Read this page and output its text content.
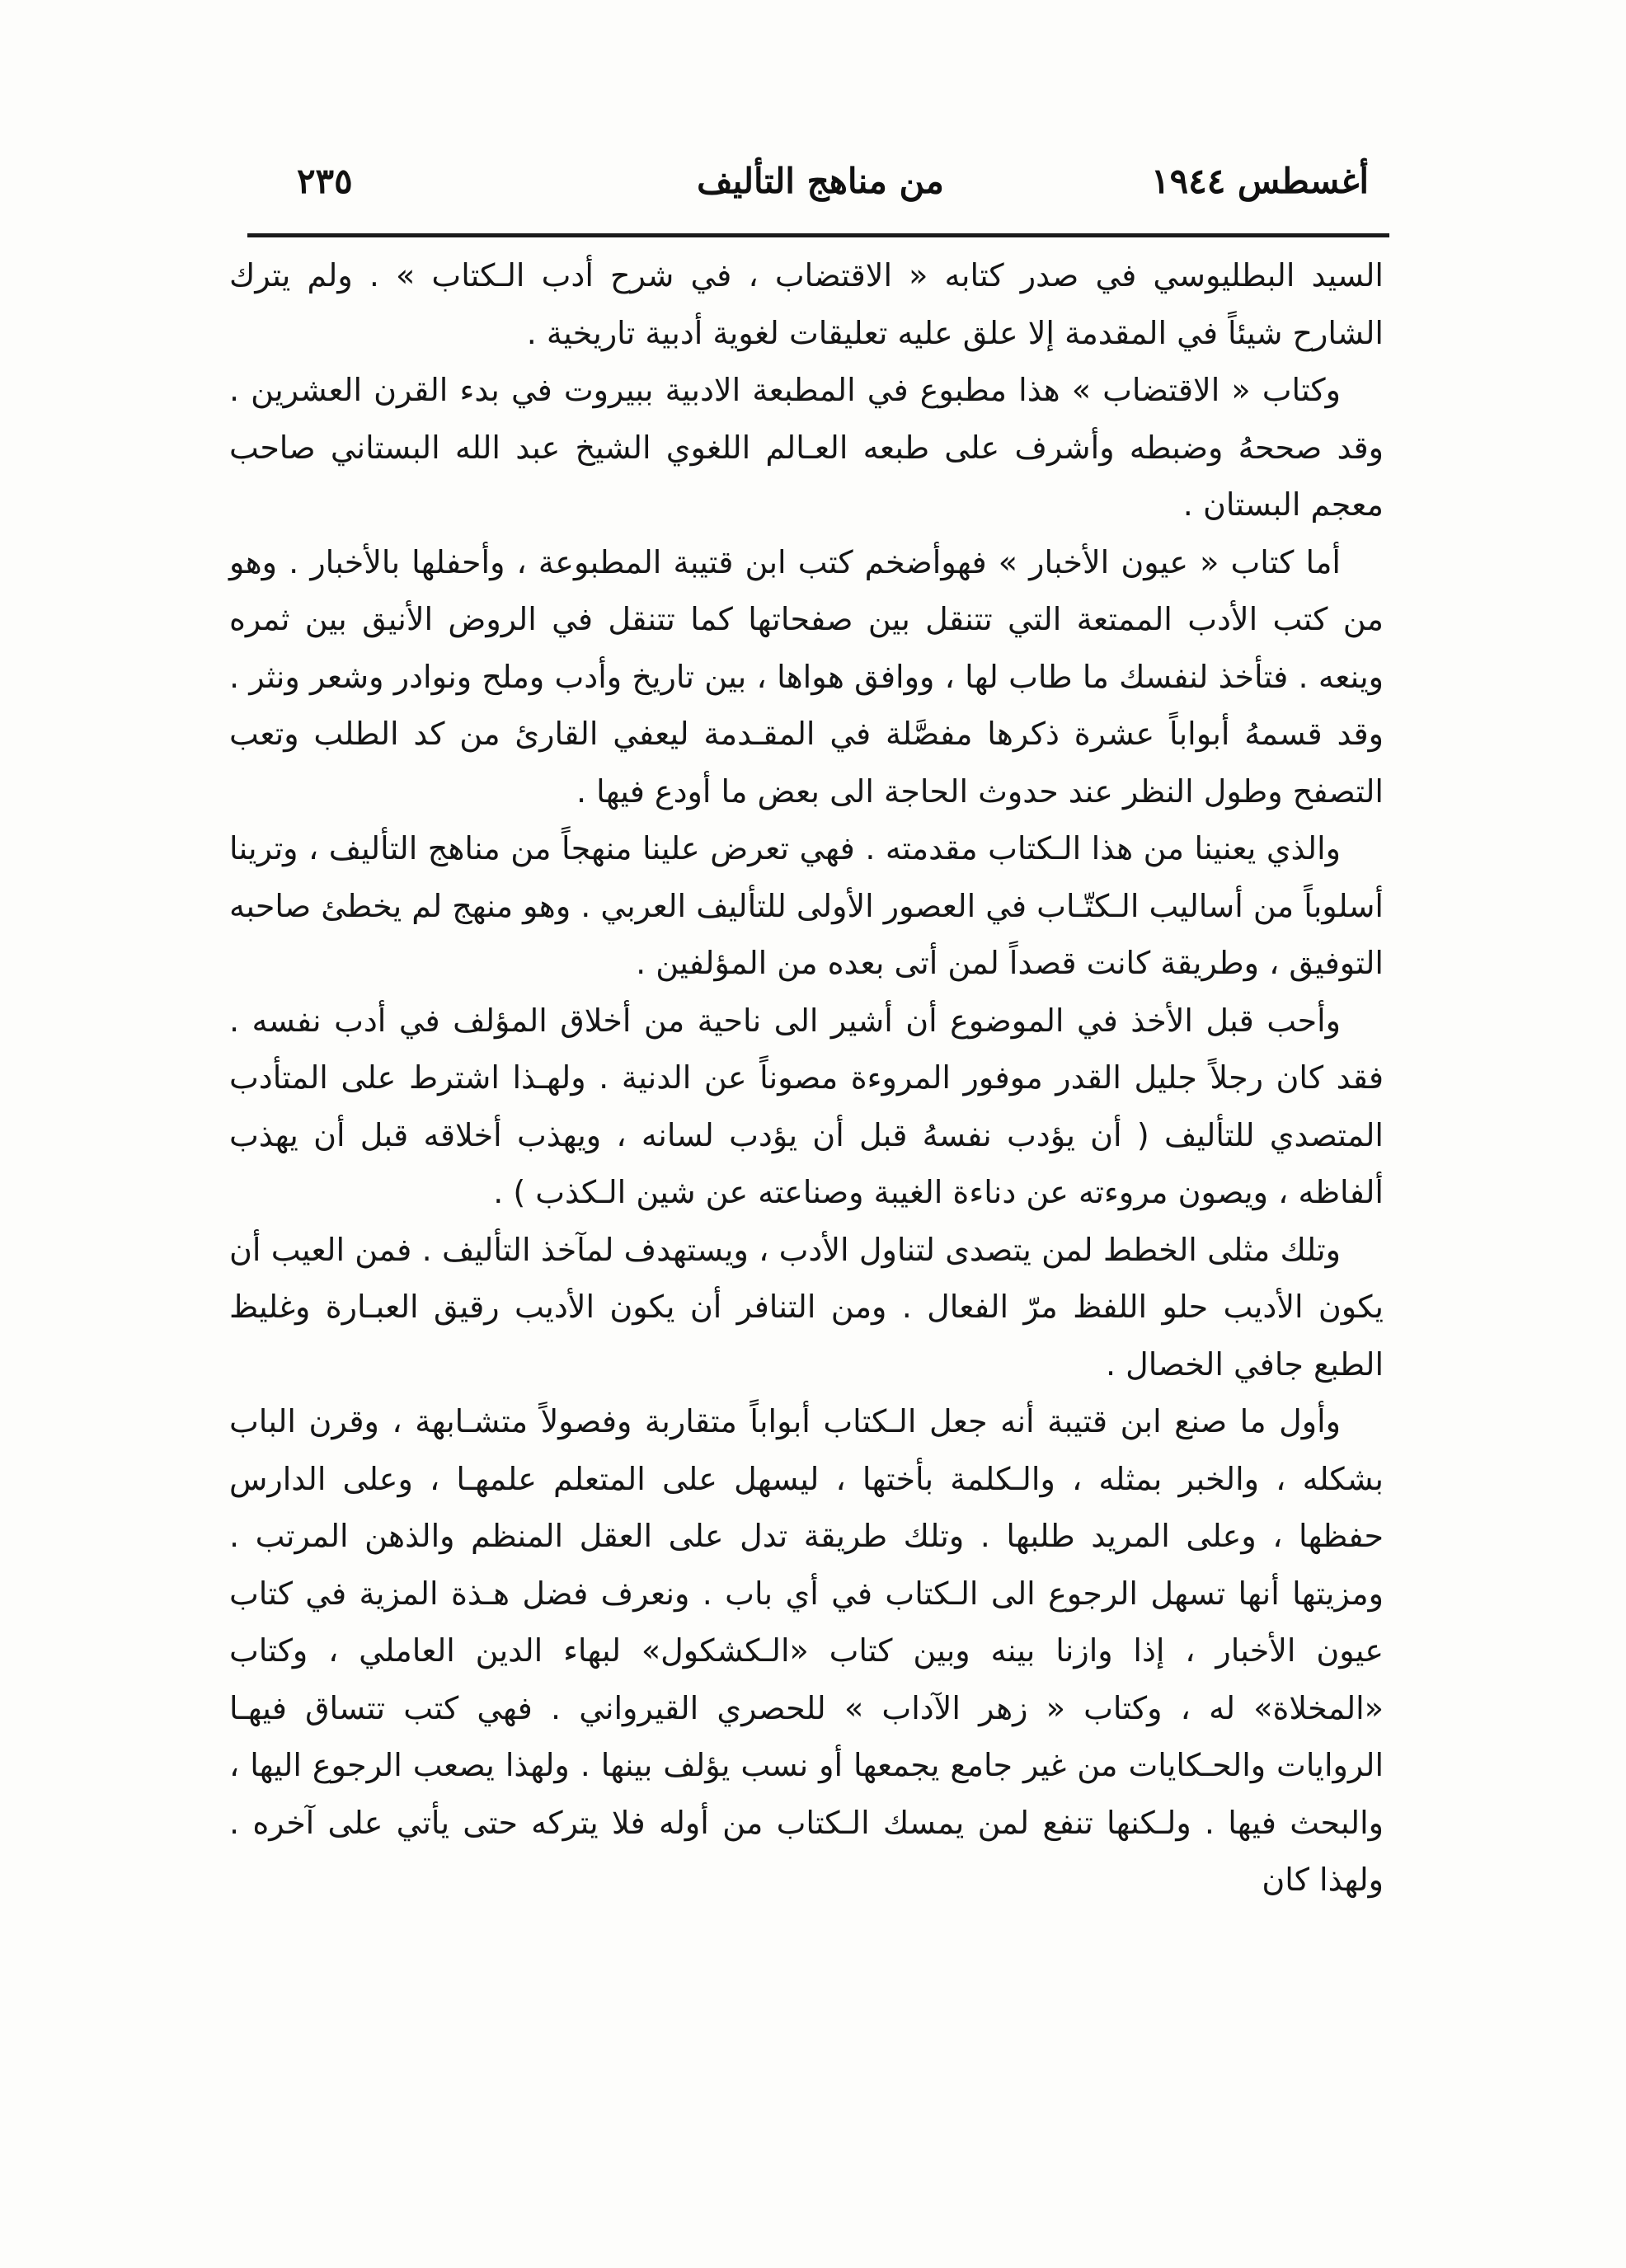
أغسطس ١٩٤٤
من مناهج التأليف
٢٣٥

السيد البطليوسي في صدر كتابه « الاقتضاب ، في شرح أدب الـكتاب » . ولم يترك الشارح شيئاً في المقدمة إلا علق عليه تعليقات لغوية أدبية تاريخية .

وكتاب « الاقتضاب » هذا مطبوع في المطبعة الادبية ببيروت في بدء القرن العشرين . وقد صححهُ وضبطه وأشرف على طبعه العـالم اللغوي الشيخ عبد الله البستاني صاحب معجم البستان .

أما كتاب « عيون الأخبار » فهوأضخم كتب ابن قتيبة المطبوعة ، وأحفلها بالأخبار . وهو من كتب الأدب الممتعة التي تتنقل بين صفحاتها كما تتنقل في الروض الأنيق بين ثمره وينعه . فتأخذ لنفسك ما طاب لها ، ووافق هواها ، بين تاريخ وأدب وملح ونوادر وشعر ونثر . وقد قسمهُ أبواباً عشرة ذكرها مفصَّلة في المقـدمة ليعفي القارئ من كد الطلب وتعب التصفح وطول النظر عند حدوث الحاجة الى بعض ما أودع فيها .

والذي يعنينا من هذا الـكتاب مقدمته . فهي تعرض علينا منهجاً من مناهج التأليف ، وترينا أسلوباً من أساليب الـكتّـاب في العصور الأولى للتأليف العربي . وهو منهج لم يخطئ صاحبه التوفيق ، وطريقة كانت قصداً لمن أتى بعده من المؤلفين .

وأحب قبل الأخذ في الموضوع أن أشير الى ناحية من أخلاق المؤلف في أدب نفسه . فقد كان رجلاً جليل القدر موفور المروءة مصوناً عن الدنية . ولهـذا اشترط على المتأدب المتصدي للتأليف ( أن يؤدب نفسهُ قبل أن يؤدب لسانه ، ويهذب أخلاقه قبل أن يهذب ألفاظه ، ويصون مروءته عن دناءة الغيبة وصناعته عن شين الـكذب ) .

وتلك مثلى الخطط لمن يتصدى لتناول الأدب ، ويستهدف لمآخذ التأليف . فمن العيب أن يكون الأديب حلو اللفظ مرّ الفعال . ومن التنافر أن يكون الأديب رقيق العبـارة وغليظ الطبع جافي الخصال .

وأول ما صنع ابن قتيبة أنه جعل الـكتاب أبواباً متقاربة وفصولاً متشـابهة ، وقرن الباب بشكله ، والخبر بمثله ، والـكلمة بأختها ، ليسهل على المتعلم علمهـا ، وعلى الدارس حفظها ، وعلى المريد طلبها . وتلك طريقة تدل على العقل المنظم والذهن المرتب . ومزيتها أنها تسهل الرجوع الى الـكتاب في أي باب . ونعرف فضل هـذة المزية في كتاب عيون الأخبار ، إذا وازنا بينه وبين كتاب «الـكشكول» لبهاء الدين العاملي ، وكتاب «المخلاة» له ، وكتاب « زهر الآداب » للحصري القيرواني . فهي كتب تتساق فيهـا الروايات والحـكايات من غير جامع يجمعها أو نسب يؤلف بينها . ولهذا يصعب الرجوع اليها ، والبحث فيها . ولـكنها تنفع لمن يمسك الـكتاب من أوله فلا يتركه حتى يأتي على آخره . ولهذا كان
